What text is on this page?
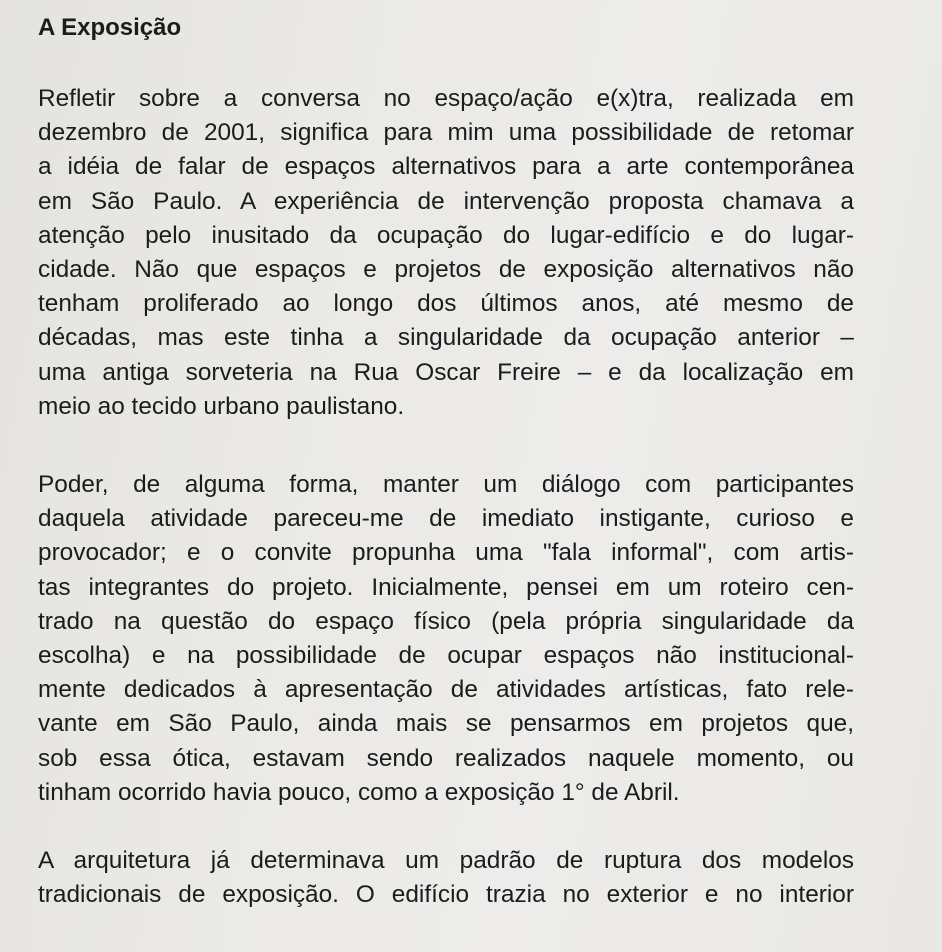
A Exposição
Refletir sobre a conversa no espaço/ação e(x)tra, realizada em
dezembro de 2001, significa para mim uma possibilidade de retomar
a idéia de falar de espaços alternativos para a arte contemporânea
em São Paulo. A experiência de intervenção proposta chamava a
atenção pelo inusitado da ocupação do lugar-edifício e do lugar-
cidade. Não que espaços e projetos de exposição alternativos não
tenham proliferado ao longo dos últimos anos, até mesmo de
décadas, mas este tinha a singularidade da ocupação anterior –
uma antiga sorveteria na Rua Oscar Freire – e da localização em
meio ao tecido urbano paulistano.
Poder, de alguma forma, manter um diálogo com participantes
daquela atividade pareceu-me de imediato instigante, curioso e
provocador; e o convite propunha uma "fala informal", com artis-
tas integrantes do projeto. Inicialmente, pensei em um roteiro cen-
trado na questão do espaço físico (pela própria singularidade da
escolha) e na possibilidade de ocupar espaços não institucional-
mente dedicados à apresentação de atividades artísticas, fato rele-
vante em São Paulo, ainda mais se pensarmos em projetos que,
sob essa ótica, estavam sendo realizados naquele momento, ou
tinham ocorrido havia pouco, como a exposição 1° de Abril.
A arquitetura já determinava um padrão de ruptura dos modelos
tradicionais de exposição. O edifício trazia no exterior e no interior
